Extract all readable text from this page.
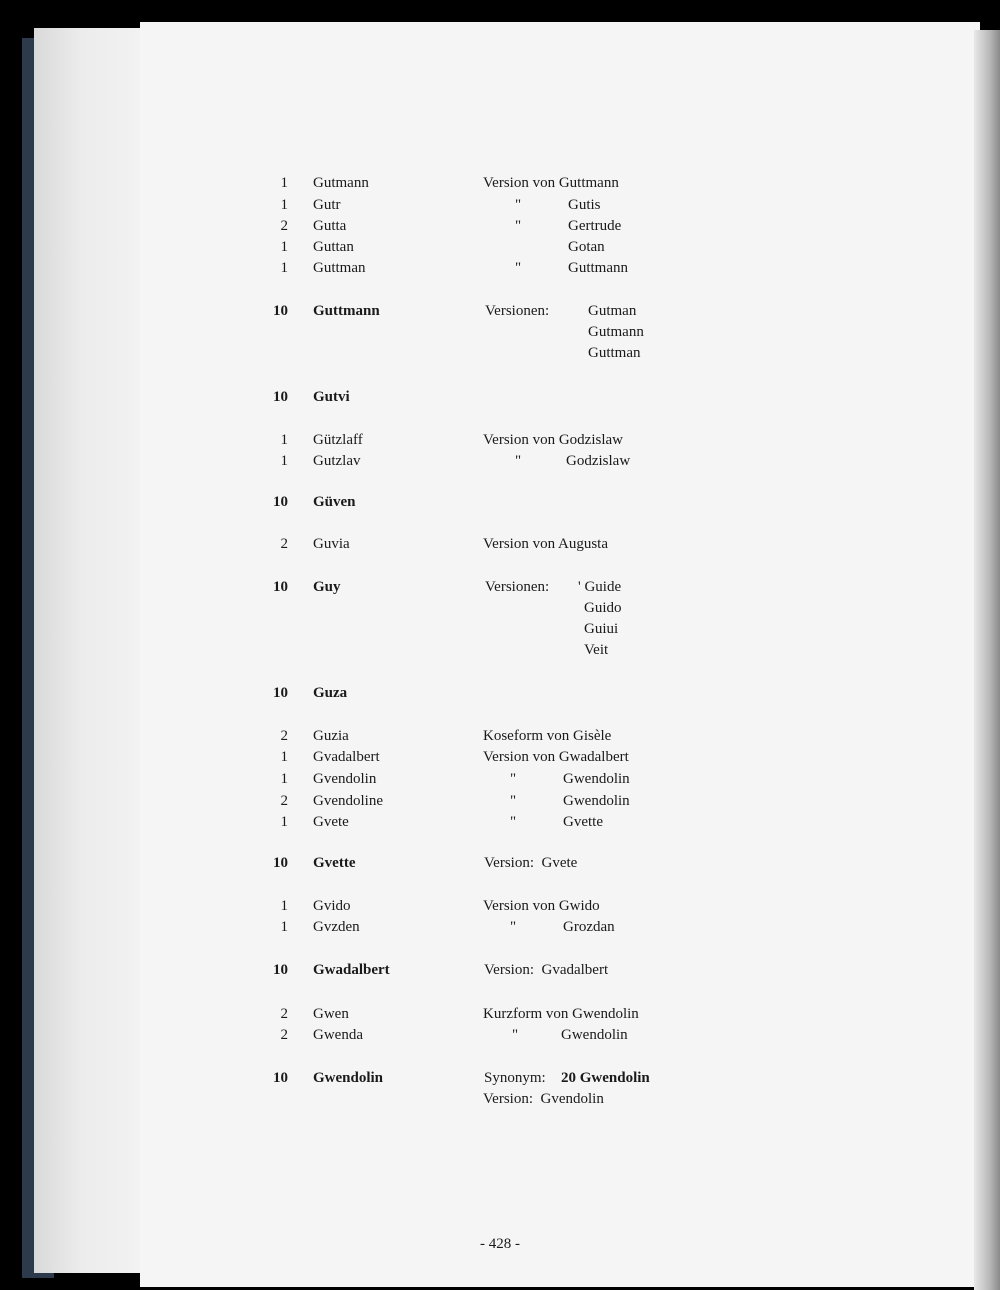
1 Gutmann	Version von Guttmann
1 Gutr	"	Gutis
2 Gutta	"	Gertrude
1 Guttan	Gotan
1 Guttman	"	Guttmann
10 Guttmann	Versionen:	Gutman
Gutmann
Guttman
10 Gutvi
1 Gützlaff	Version von Godzislaw
1 Gutzlav	"	Godzislaw
10 Güven
2 Guvia	Version von Augusta
10 Guy	Versionen: ' Guide
Guido
Guiui
Veit
10 Guza
2 Guzia	Koseform von Gisèle
1 Gvadalbert	Version von Gwadalbert
1 Gvendolin	"	Gwendolin
2 Gvendoline	"	Gwendolin
1 Gvete	"	Gvette
10 Gvette	Version:  Gvete
1 Gvido	Version von Gwido
1 Gvzden	"	Grozdan
10 Gwadalbert	Version:  Gvadalbert
2 Gwen	Kurzform von Gwendolin
2 Gwenda	"	Gwendolin
10 Gwendolin	Synonym: 20 Gwendolin
Version:  Gvendolin
- 428 -
